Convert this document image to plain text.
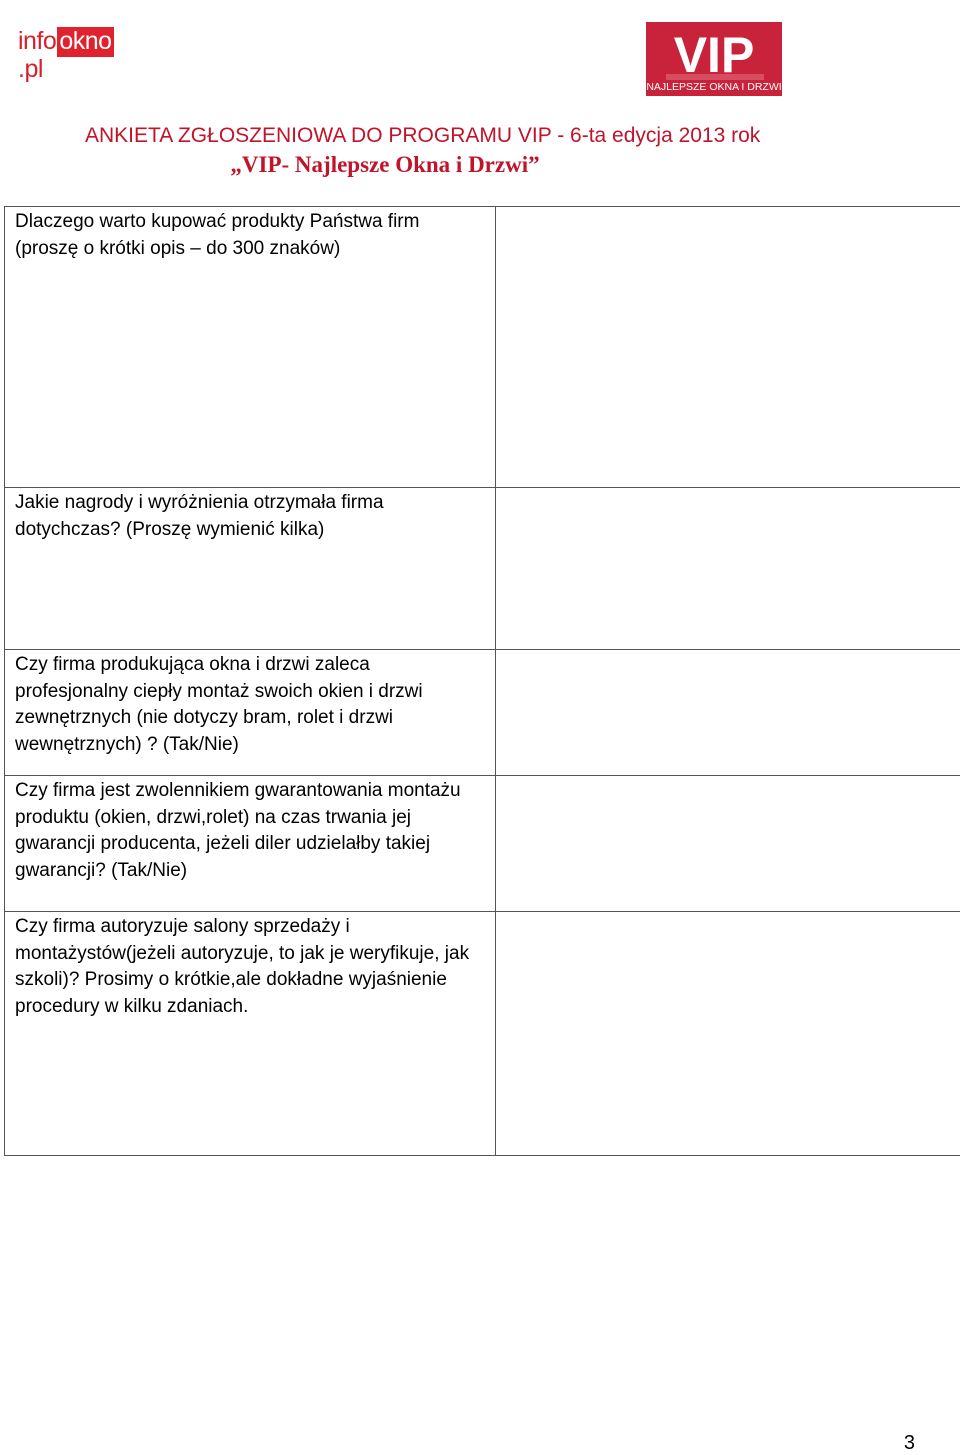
info okno.pl	VIP
NAJLEPSZE OKNA I DRZWI
ANKIETA ZGŁOSZENIOWA DO PROGRAMU VIP - 6-ta edycja 2013 rok
„VIP- Najlepsze Okna i Drzwi”
Dlaczego warto kupować produkty Państwa firm (proszę o krótki opis – do 300 znaków)	
Jakie nagrody i wyróżnienia otrzymała firma dotychczas? (Proszę wymienić kilka)	
Czy firma produkująca okna i drzwi zaleca profesjonalny ciepły montaż swoich okien i drzwi zewnętrznych (nie dotyczy bram, rolet i drzwi wewnętrznych) ? (Tak/Nie)	
Czy firma jest zwolennikiem gwarantowania montażu produktu (okien, drzwi,rolet) na czas trwania jej gwarancji producenta, jeżeli diler udzielałby takiej gwarancji? (Tak/Nie)	
Czy firma autoryzuje salony sprzedaży i montażystów(jeżeli autoryzuje, to jak je weryfikuje, jak szkoli)? Prosimy o krótkie,ale dokładne wyjaśnienie procedury w kilku zdaniach.	
3
